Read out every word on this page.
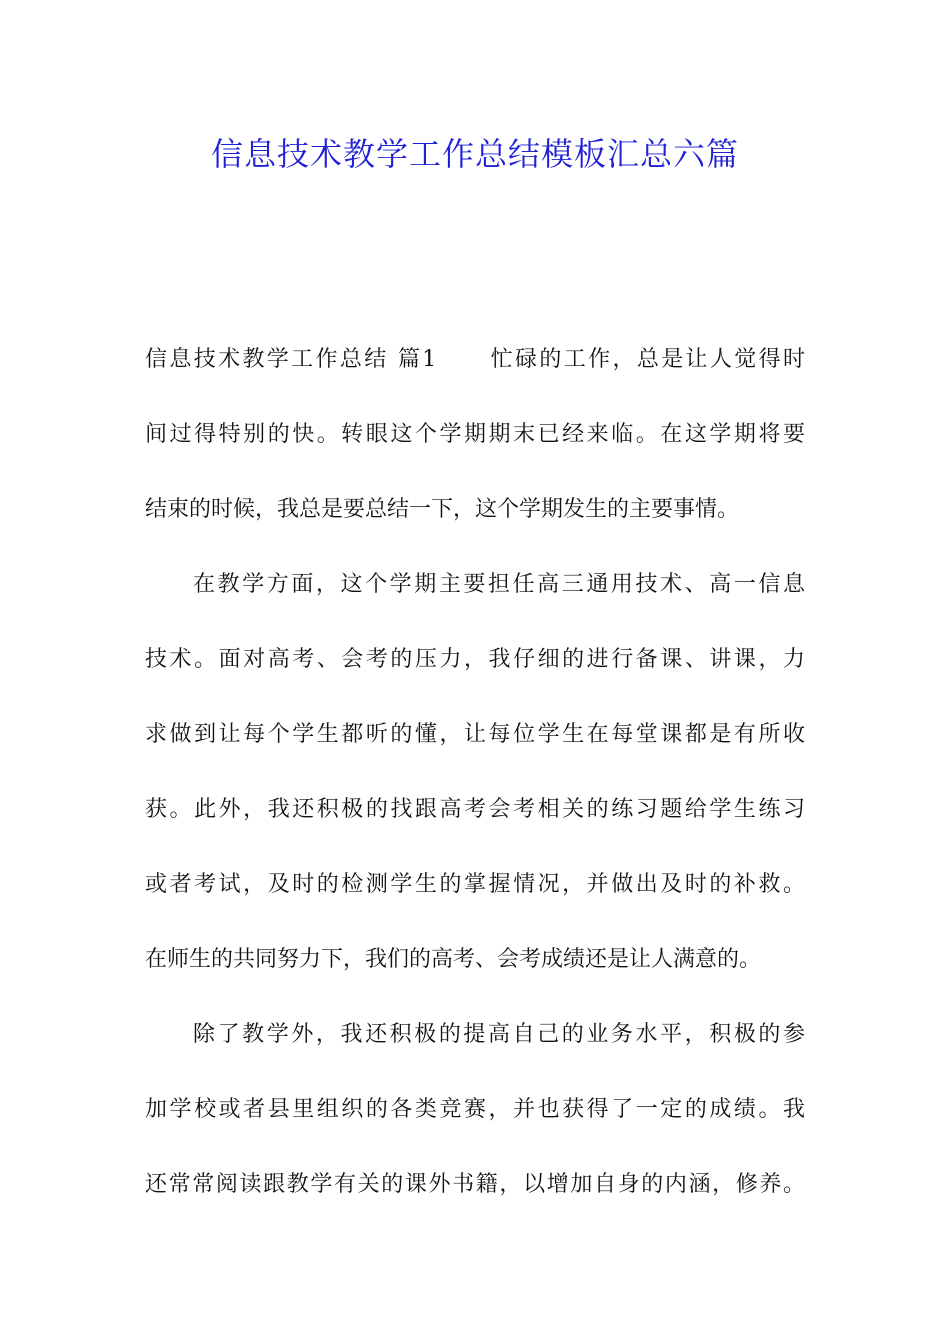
信息技术教学工作总结模板汇总六篇
信息技术教学工作总结 篇1 忙碌的工作，总是让人觉得时
间过得特别的快。转眼这个学期期末已经来临。在这学期将要
结束的时候，我总是要总结一下，这个学期发生的主要事情。
在教学方面，这个学期主要担任高三通用技术、高一信息
技术。面对高考、会考的压力，我仔细的进行备课、讲课，力
求做到让每个学生都听的懂，让每位学生在每堂课都是有所收
获。此外，我还积极的找跟高考会考相关的练习题给学生练习
或者考试，及时的检测学生的掌握情况，并做出及时的补救。
在师生的共同努力下，我们的高考、会考成绩还是让人满意的。
除了教学外，我还积极的提高自己的业务水平，积极的参
加学校或者县里组织的各类竞赛，并也获得了一定的成绩。我
还常常阅读跟教学有关的课外书籍，以增加自身的内涵，修养。
